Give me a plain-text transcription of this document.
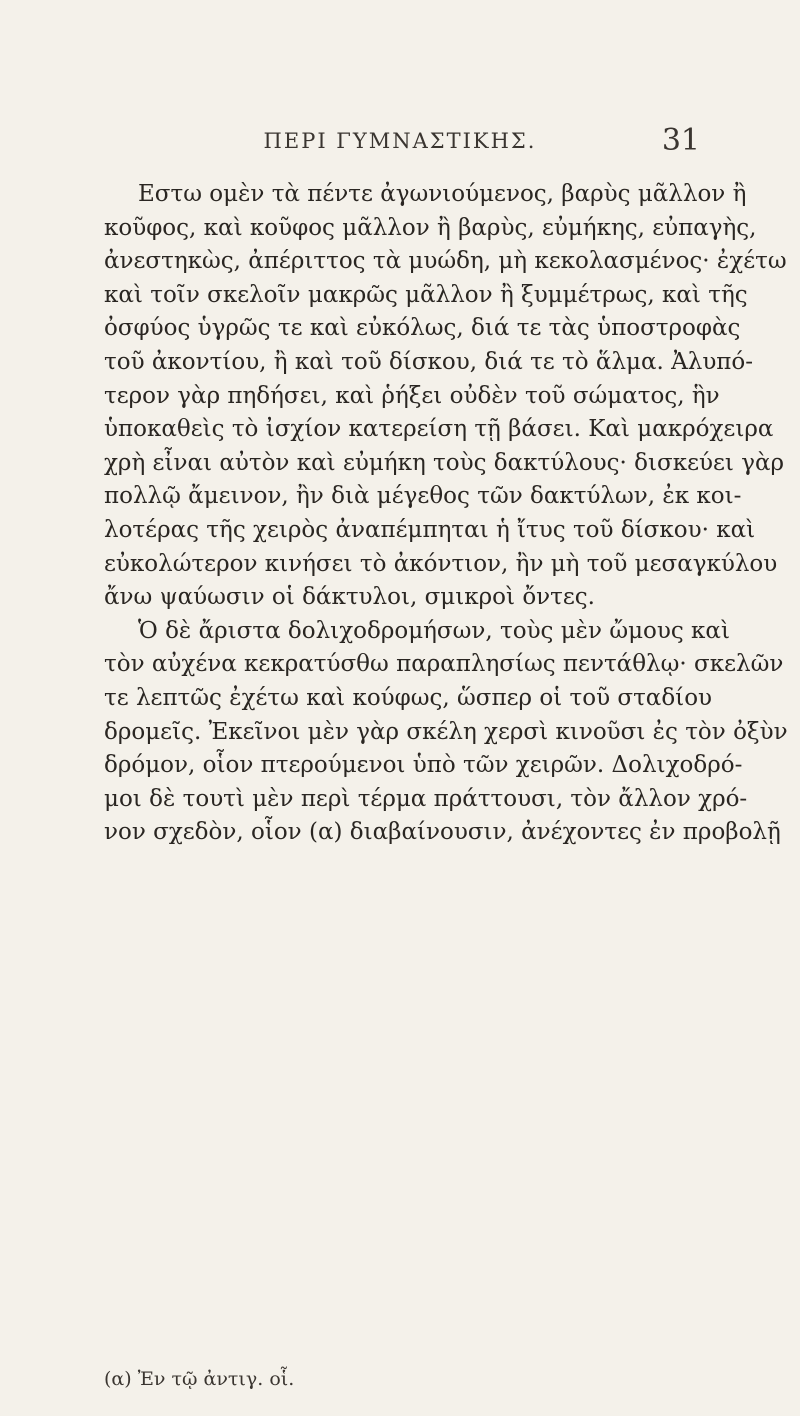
ΠΕΡΙ ΓΥΜΝΑΣΤΙΚΗΣ.	31
Εστω ομὲν τὰ πέντε ἀγωνιούμενος, βαρὺς μᾶλλον ἢ
κοῦφος, καὶ κοῦφος μᾶλλον ἢ βαρὺς, εὐμήκης, εὐπαγὴς,
ἀνεστηκὼς, ἀπέριττος τὰ μυώδη, μὴ κεκολασμένος· ἐχέτω
καὶ τοῖν σκελοῖν μακρῶς μᾶλλον ἢ ξυμμέτρως, καὶ τῆς
ὀσφύος ὑγρῶς τε καὶ εὐκόλως, διά τε τὰς ὑποστροφὰς
τοῦ ἀκοντίου, ἢ καὶ τοῦ δίσκου, διά τε τὸ ἅλμα. Ἀλυπό-
τερον γὰρ πηδήσει, καὶ ῥήξει οὐδὲν τοῦ σώματος, ἣν
ὑποκαθεὶς τὸ ἰσχίον κατερείση τῇ βάσει. Καὶ μακρόχειρα
χρὴ εἶναι αὐτὸν καὶ εὐμήκη τοὺς δακτύλους· δισκεύει γὰρ
πολλῷ ἄμεινον, ἢν διὰ μέγεθος τῶν δακτύλων, ἐκ κοι-
λοτέρας τῆς χειρὸς ἀναπέμπηται ἡ ἴτυς τοῦ δίσκου· καὶ
εὐκολώτερον κινήσει τὸ ἀκόντιον, ἢν μὴ τοῦ μεσαγκύλου
ἄνω ψαύωσιν οἱ δάκτυλοι, σμικροὶ ὄντες.
Ὁ δὲ ἄριστα δολιχοδρομήσων, τοὺς μὲν ὤμους καὶ
τὸν αὐχένα κεκρατύσθω παραπλησίως πεντάθλῳ· σκελῶν
τε λεπτῶς ἐχέτω καὶ κούφως, ὥσπερ οἱ τοῦ σταδίου
δρομεῖς. Ἐκεῖνοι μὲν γὰρ σκέλη χερσὶ κινοῦσι ἐς τὸν ὀξὺν
δρόμον, οἷον πτερούμενοι ὑπὸ τῶν χειρῶν. Δολιχοδρό-
μοι δὲ τουτὶ μὲν περὶ τέρμα πράττουσι, τὸν ἄλλον χρό-
νον σχεδὸν, οἷον (α) διαβαίνουσιν, ἀνέχοντες ἐν προβολῇ
(α) Ἐν τῷ ἀντιγ. οἷ.
